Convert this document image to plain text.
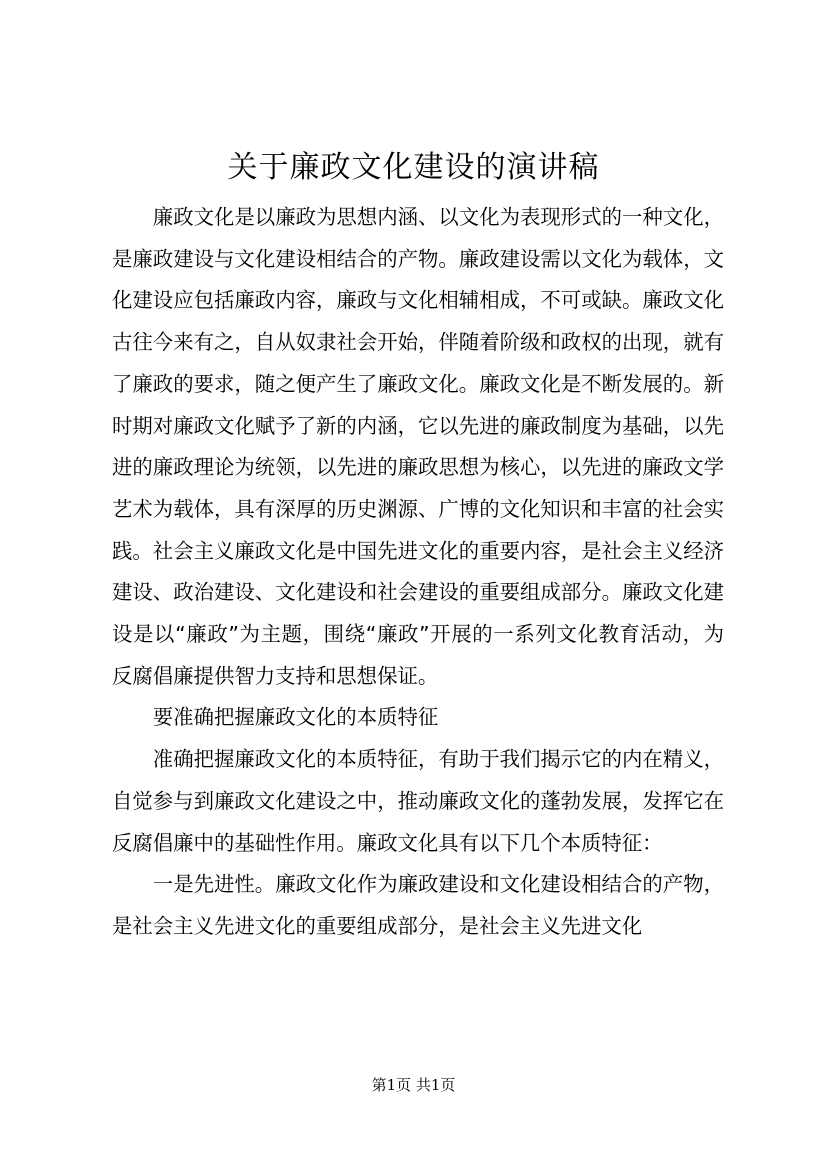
关于廉政文化建设的演讲稿

廉政文化是以廉政为思想内涵、以文化为表现形式的一种文化，是廉政建设与文化建设相结合的产物。廉政建设需以文化为载体，文化建设应包括廉政内容，廉政与文化相辅相成，不可或缺。廉政文化古往今来有之，自从奴隶社会开始，伴随着阶级和政权的出现，就有了廉政的要求，随之便产生了廉政文化。廉政文化是不断发展的。新时期对廉政文化赋予了新的内涵，它以先进的廉政制度为基础，以先进的廉政理论为统领，以先进的廉政思想为核心，以先进的廉政文学艺术为载体，具有深厚的历史渊源、广博的文化知识和丰富的社会实践。社会主义廉政文化是中国先进文化的重要内容，是社会主义经济建设、政治建设、文化建设和社会建设的重要组成部分。廉政文化建设是以“廉政”为主题，围绕“廉政”开展的一系列文化教育活动，为反腐倡廉提供智力支持和思想保证。

要准确把握廉政文化的本质特征

准确把握廉政文化的本质特征，有助于我们揭示它的内在精义，自觉参与到廉政文化建设之中，推动廉政文化的蓬勃发展，发挥它在反腐倡廉中的基础性作用。廉政文化具有以下几个本质特征：

一是先进性。廉政文化作为廉政建设和文化建设相结合的产物，是社会主义先进文化的重要组成部分，是社会主义先进文化

第1页 共1页
